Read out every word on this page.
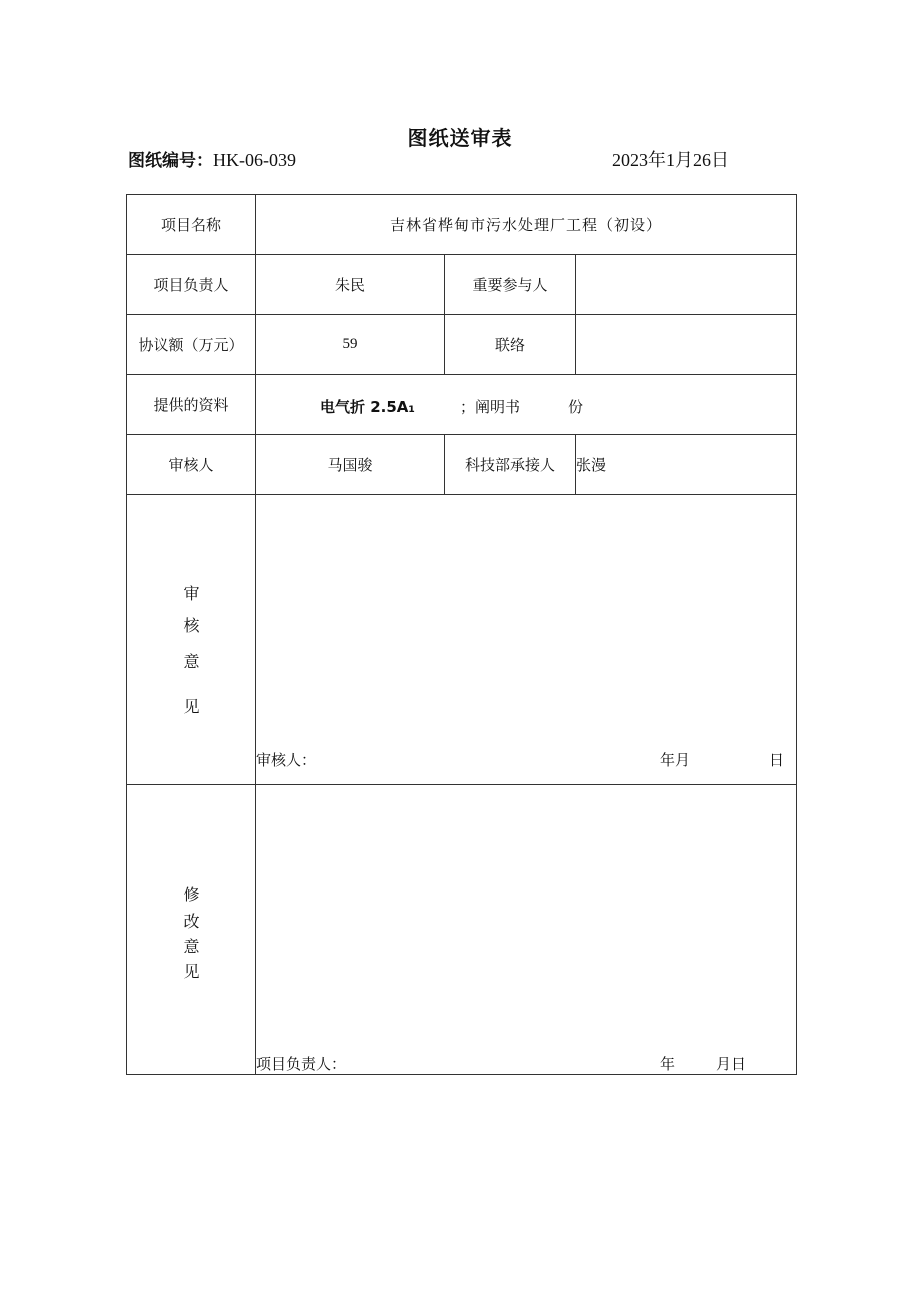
图纸送审表
图纸编号：HK-06-039	2023年1月26日
项目名称	吉林省桦甸市污水处理厂工程（初设）		
项目负责人	朱民	重要参与人	
协议额（万元）	59	联络	
提供的资料	电气折 2.5A₁ ；阐明书 份		

审核人	马国骏	科技部承接人	张漫

审
核
意
见	审核人： 年月 日		

修
改
意
见	项目负责人： 年 月日		
